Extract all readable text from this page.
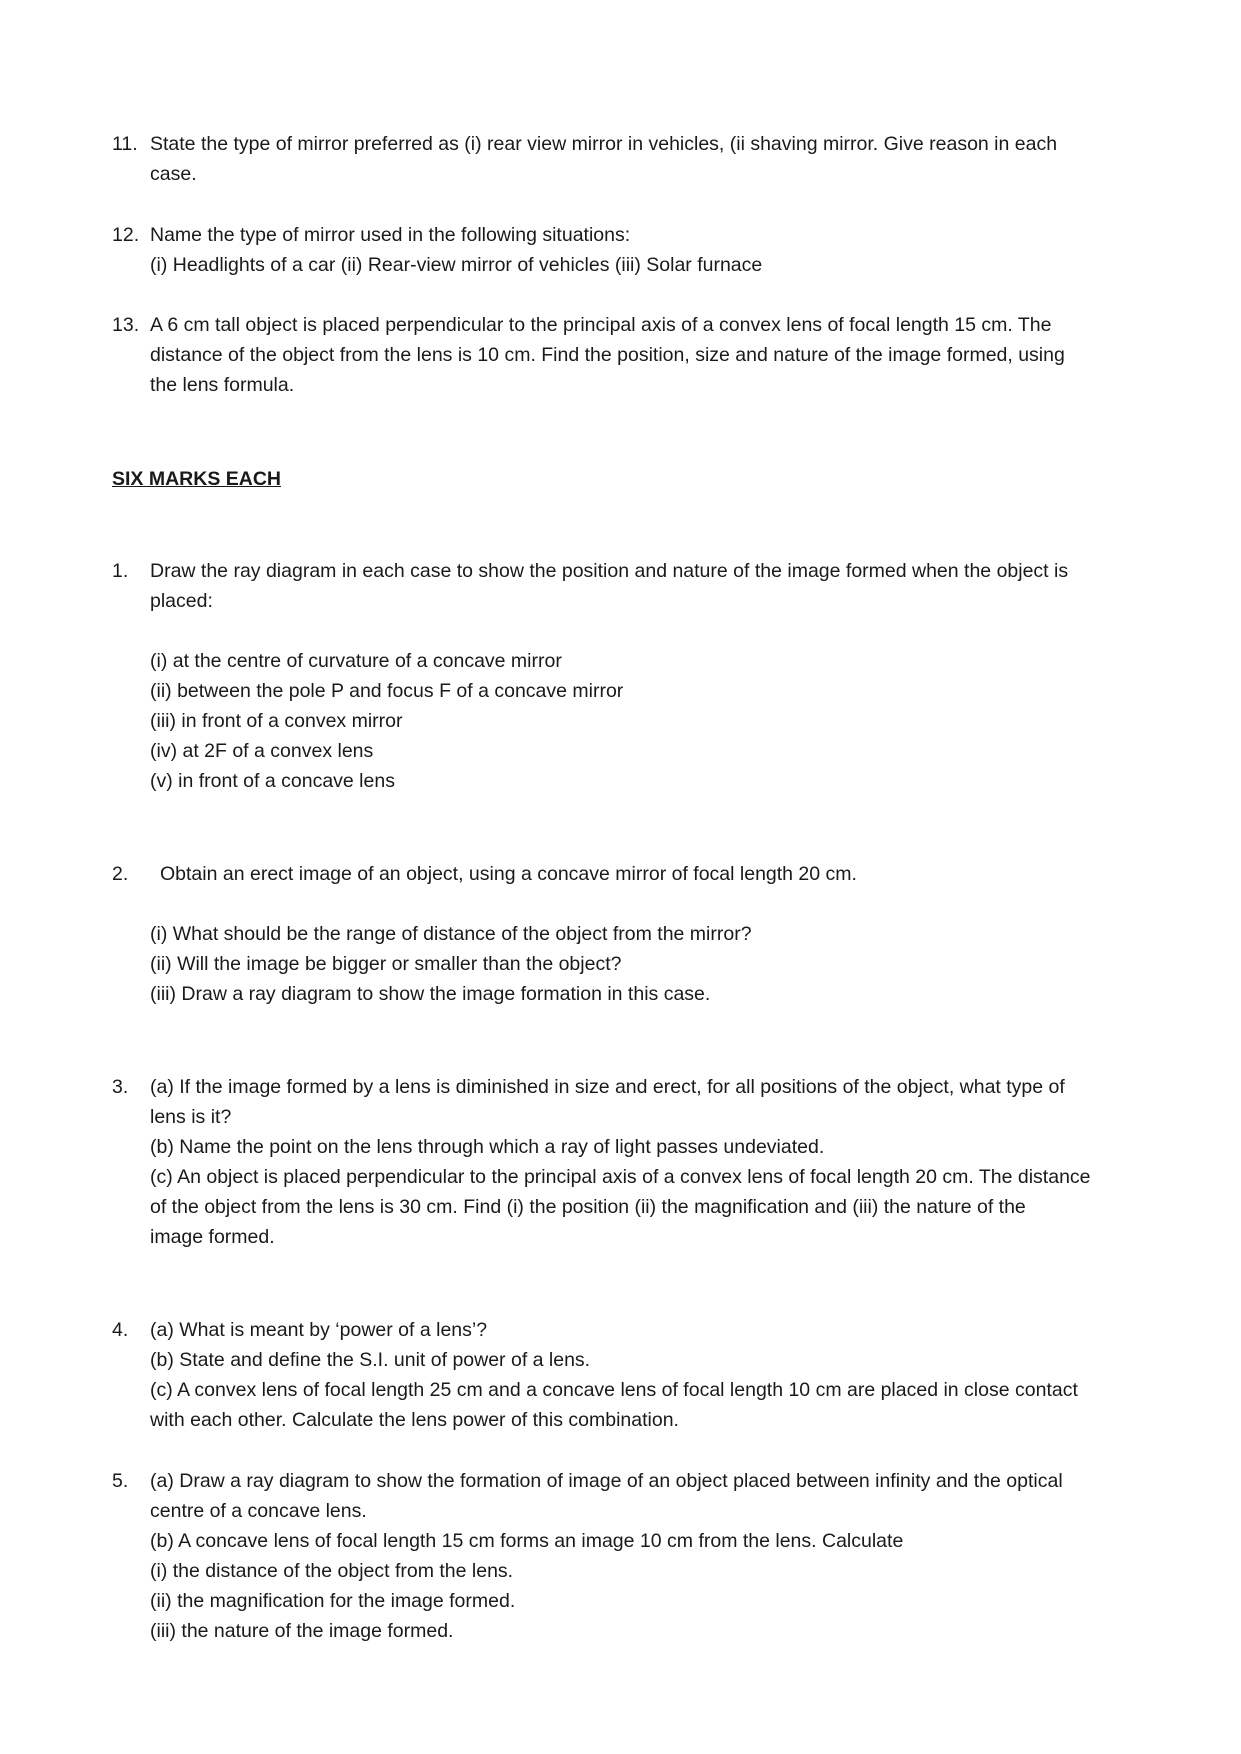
11. State the type of mirror preferred as (i) rear view mirror in vehicles, (ii shaving mirror. Give reason in each
case.
12. Name the type of mirror used in the following situations:
(i) Headlights of a car (ii) Rear-view mirror of vehicles (iii) Solar furnace
13. A 6 cm tall object is placed perpendicular to the principal axis of a convex lens of focal length 15 cm. The
distance of the object from the lens is 10 cm. Find the position, size and nature of the image formed, using
the lens formula.
SIX MARKS EACH
1. Draw the ray diagram in each case to show the position and nature of the image formed when the object is
placed:
(i) at the centre of curvature of a concave mirror
(ii) between the pole P and focus F of a concave mirror
(iii) in front of a convex mirror
(iv) at 2F of a convex lens
(v) in front of a concave lens
2. Obtain an erect image of an object, using a concave mirror of focal length 20 cm.
(i) What should be the range of distance of the object from the mirror?
(ii) Will the image be bigger or smaller than the object?
(iii) Draw a ray diagram to show the image formation in this case.
3. (a) If the image formed by a lens is diminished in size and erect, for all positions of the object, what type of
lens is it?
(b) Name the point on the lens through which a ray of light passes undeviated.
(c) An object is placed perpendicular to the principal axis of a convex lens of focal length 20 cm. The distance
of the object from the lens is 30 cm. Find (i) the position (ii) the magnification and (iii) the nature of the
image formed.
4. (a) What is meant by ‘power of a lens’?
(b) State and define the S.I. unit of power of a lens.
(c) A convex lens of focal length 25 cm and a concave lens of focal length 10 cm are placed in close contact
with each other. Calculate the lens power of this combination.
5. (a) Draw a ray diagram to show the formation of image of an object placed between infinity and the optical
centre of a concave lens.
(b) A concave lens of focal length 15 cm forms an image 10 cm from the lens. Calculate
(i) the distance of the object from the lens.
(ii) the magnification for the image formed.
(iii) the nature of the image formed.
